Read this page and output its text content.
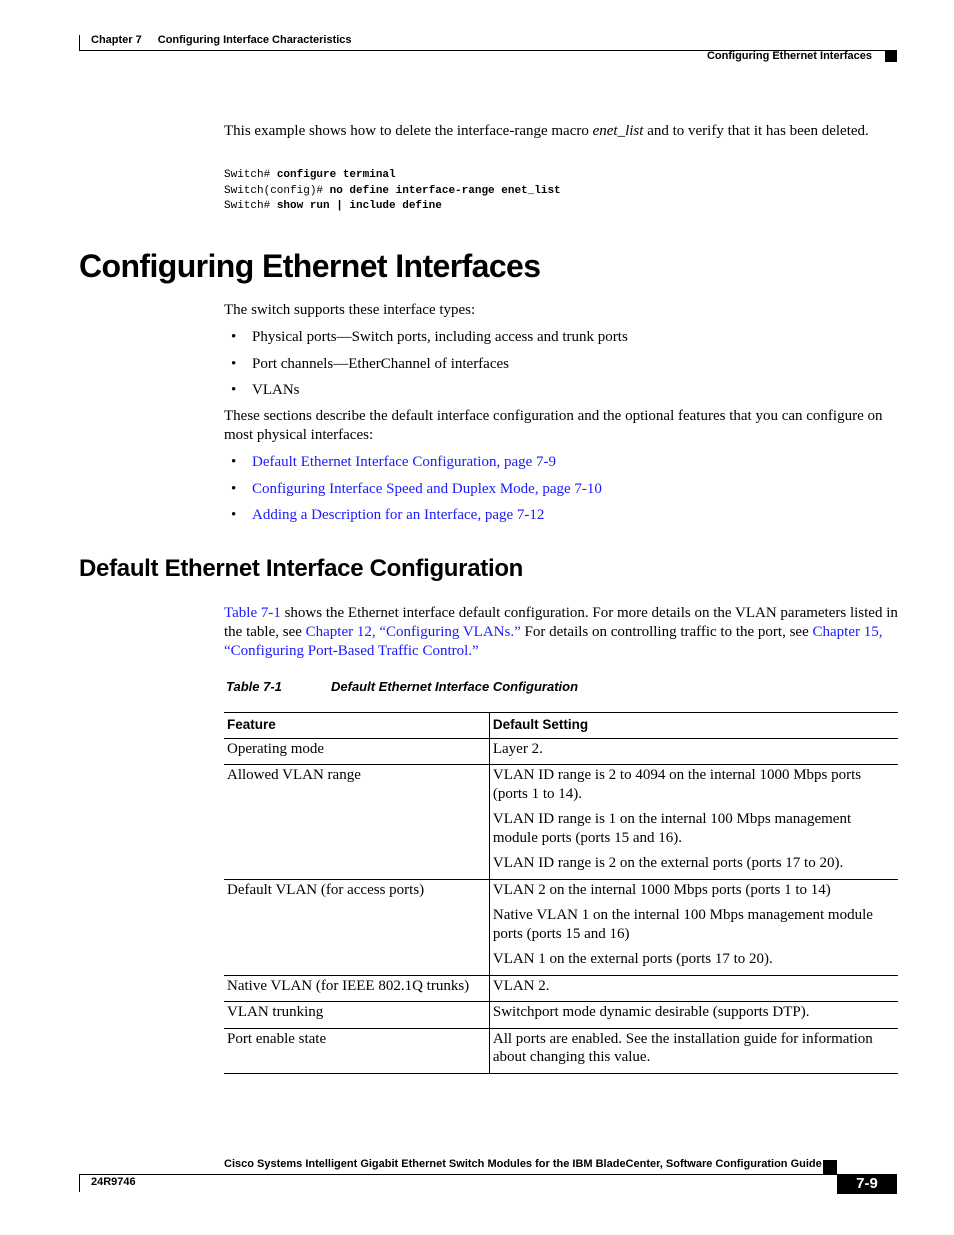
Chapter 7 Configuring Interface Characteristics
Configuring Ethernet Interfaces
This example shows how to delete the interface-range macro enet_list and to verify that it has been deleted.
Switch# configure terminal
Switch(config)# no define interface-range enet_list
Switch# show run | include define
Configuring Ethernet Interfaces
The switch supports these interface types:
• Physical ports—Switch ports, including access and trunk ports
• Port channels—EtherChannel of interfaces
• VLANs
These sections describe the default interface configuration and the optional features that you can configure on most physical interfaces:
• Default Ethernet Interface Configuration, page 7-9
• Configuring Interface Speed and Duplex Mode, page 7-10
• Adding a Description for an Interface, page 7-12
Default Ethernet Interface Configuration
Table 7-1 shows the Ethernet interface default configuration. For more details on the VLAN parameters listed in the table, see Chapter 12, “Configuring VLANs.” For details on controlling traffic to the port, see Chapter 15, “Configuring Port-Based Traffic Control.”
Table 7-1	Default Ethernet Interface Configuration
Feature	Default Setting
Operating mode	Layer 2.

Allowed VLAN range	VLAN ID range is 2 to 4094 on the internal 1000 Mbps ports (ports 1 to 14).

VLAN ID range is 1 on the internal 100 Mbps management module ports (ports 15 and 16).

VLAN ID range is 2 on the external ports (ports 17 to 20).

Default VLAN (for access ports)	VLAN 2 on the internal 1000 Mbps ports (ports 1 to 14)

Native VLAN 1 on the internal 100 Mbps management module ports (ports 15 and 16)

VLAN 1 on the external ports (ports 17 to 20).

Native VLAN (for IEEE 802.1Q trunks)	VLAN 2.

VLAN trunking	Switchport mode dynamic desirable (supports DTP).

Port enable state	All ports are enabled. See the installation guide for information about changing this value.

Cisco Systems Intelligent Gigabit Ethernet Switch Modules for the IBM BladeCenter, Software Configuration Guide
24R9746	7-9
